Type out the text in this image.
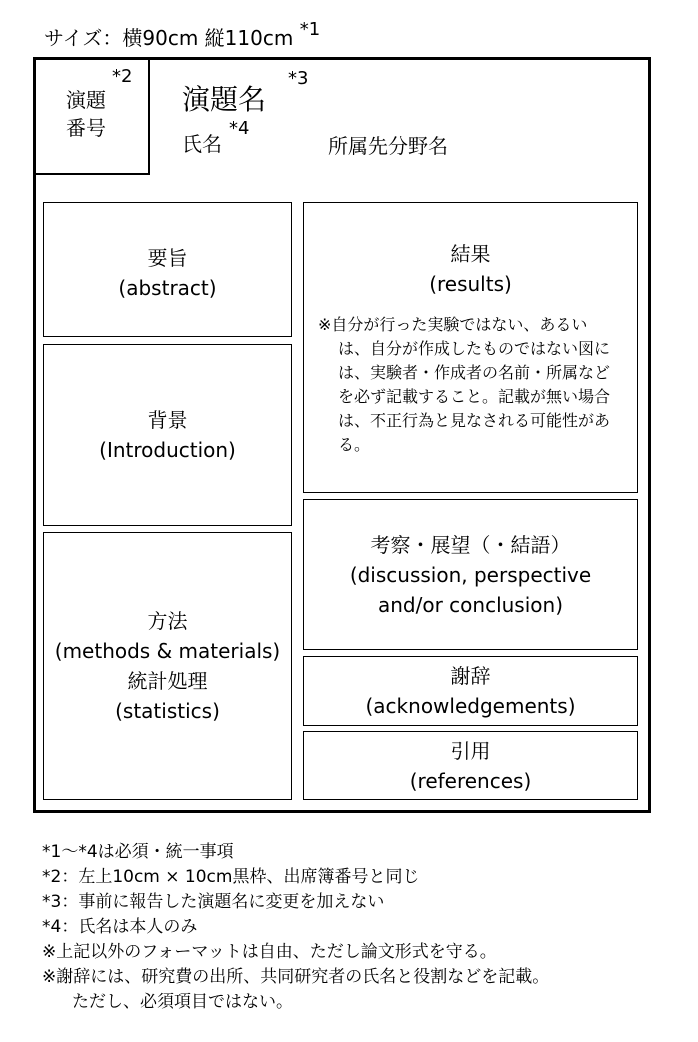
サイズ：横90cm 縦110cm *1
演題
番号
*2
演題名
*3
氏名
*4
所属先分野名
要旨
(abstract)
背景
(Introduction)
方法
(methods & materials)
統計処理
(statistics)
結果
(results)
※自分が行った実験ではない、あるい
は、自分が作成したものではない図には、実験者・作成者の名前・所属などを必ず記載すること。記載が無い場合は、不正行為と見なされる可能性がある。
考察・展望（・結語）
(discussion, perspective
and/or conclusion)
謝辞
(acknowledgements)
引用
(references)
*1～*4は必須・統一事項
*2：左上10cm × 10cm黒枠、出席簿番号と同じ
*3：事前に報告した演題名に変更を加えない
*4：氏名は本人のみ
※上記以外のフォーマットは自由、ただし論文形式を守る。
※謝辞には、研究費の出所、共同研究者の氏名と役割などを記載。
ただし、必須項目ではない。
